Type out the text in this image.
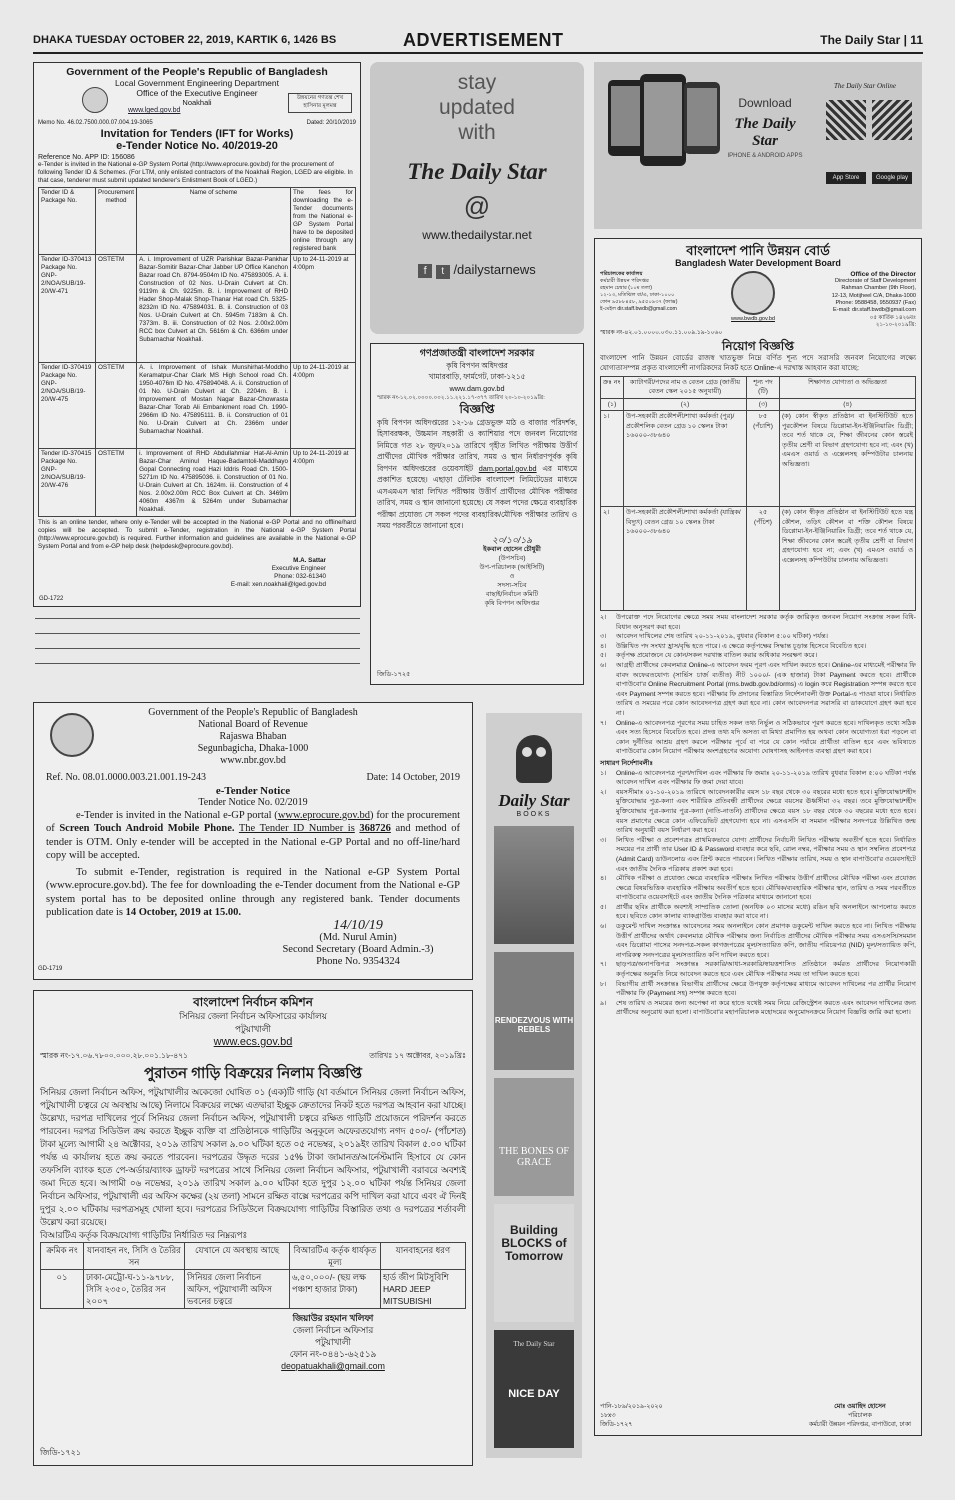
DHAKA TUESDAY OCTOBER 22, 2019, KARTIK 6, 1426 BS	ADVERTISEMENT	The Daily Star | 11
Government of the People's Republic of Bangladesh
Local Government Engineering Department
Office of the Executive Engineer
Noakhali
www.lged.gov.bd
উন্নয়নের গণতন্ত্র শেখ হাসিনার মূলমন্ত্র
Memo No. 46.02.7500.000.07.004.19-3065	Dated: 20/10/2019
Invitation for Tenders (IFT for Works)
e-Tender Notice No. 40/2019-20
Reference No. APP ID: 156086
e-Tender is invited in the National e-GP System Portal (http://www.eprocure.gov.bd) for the procurement of following Tender ID & Schemes. (For LTM, only enlisted contractors of the Noakhali Region, LGED are eligible. In that case, tenderer must submit updated tenderer's Enlistment Book of LGED.)
Tender ID & Package No.	Procurement method	Name of scheme	The fees for downloading the e-Tender documents from the National e-GP System Portal have to be deposited online through any registered bank
Tender ID-370413 Package No. GNP-2/NOA/SUB/19-20/W-471	OSTETM	A. i. Improvement of UZR Parishkar Bazar-Pankhar Bazar-Somitir Bazar-Char Jabber UP Office Kanchon Bazar road Ch. 8794-9504m ID No. 475893005. A. ii. Construction of 02 Nos. U-Drain Culvert at Ch. 9119m & Ch. 9225m. B. i. Improvement of RHD Hader Shop-Malak Shop-Thanar Hat road Ch. 5325-8232m ID No. 475894031. B. ii. Construction of 03 Nos. U-Drain Culvert at Ch. 5945m 7183m & Ch. 7373m. B. iii. Construction of 02 Nos. 2.00x2.00m RCC box Culvert at Ch. 5616m & Ch. 6366m under Subarnachar Noakhali.	Up to 24-11-2019 at 4:00pm
Tender ID-370419 Package No. GNP-2/NOA/SUB/19-20/W-475	OSTETM	A. i. Improvement of Ishak Munshirhat-Moddho Keramatpur-Char Clark MS High School road Ch. 1950-4076m ID No. 475894048. A. ii. Construction of 01 No. U-Drain Culvert at Ch. 2204m. B. i. Improvement of Mostan Nagar Bazar-Chowrasta Bazar-Char Torab Ali Embankment road Ch. 1990-2966m ID No. 475895111. B. ii. Construction of 01 No. U-Drain Culvert at Ch. 2366m under Subarnachar Noakhali.	Up to 24-11-2019 at 4:00pm
Tender ID-370415 Package No. GNP-2/NOA/SUB/19-20/W-476	OSTETM	i. Improvement of RHD Abdullahmiar Hat-Al-Amin Bazar-Char Aminul Haque-Badamtoli-Maddhayo Gopal Connecting road Hazi Iddris Road Ch. 1500-5271m ID No. 475895036. ii. Construction of 01 No. U-Drain Culvert at Ch. 1624m. iii. Construction of 4 Nos. 2.00x2.00m RCC Box Culvert at Ch. 3469m 4060m 4367m & 5264m under Subarnachar Noakhali.	Up to 24-11-2019 at 4:00pm
This is an online tender, where only e-Tender will be accepted in the National e-GP Portal and no offline/hard copies will be accepted. To submit e-Tender, registration in the National e-GP System Portal (http://www.eprocure.gov.bd) is required. Further information and guidelines are available in the National e-GP System Portal and from e-GP help desk (helpdesk@eprocure.gov.bd).
M.A. Sattar
Executive Engineer
Phone: 032-61340
E-mail: xen.noakhali@lged.gov.bd
GD-1722
stay
updated
with
The Daily Star
@
www.thedailystar.net
f t /dailystarnews
Download
The Daily Star
IPHONE & ANDROID APPS
The Daily Star Online
App Store	Google play
গণপ্রজাতন্ত্রী বাংলাদেশ সরকার
কৃষি বিপণন অধিদপ্তর
খামারবাড়ি, ফার্মগেট, ঢাকা-১২১৫
www.dam.gov.bd
স্মারক নং-১২.০২.০০০০.০০২.১১.২২১.১৭-৩৭৭ তারিখ ২০-১০-২০১৯খ্রি:
বিজ্ঞপ্তি
কৃষি বিপণন অধিদপ্তরের ১২-১৬ গ্রেডভুক্ত মাঠ ও বাজার পরিদর্শক, হিসাবরক্ষক, উচ্চমান সহকারী ও ক্যাশিয়ার পদে জনবল নিয়োগের নিমিত্তে গত ২৮ জুন/২০১৯ তারিখে গৃহীত লিখিত পরীক্ষায় উত্তীর্ণ প্রার্থীদের মৌখিক পরীক্ষার তারিখ, সময় ও স্থান নির্ধারণপূর্বক কৃষি বিপণন অধিদপ্তরের ওয়েবসাইট dam.portal.gov.bd এর মাধ্যমে প্রকাশিত হয়েছে। এছাড়া টেলিটক বাংলাদেশ লিমিটেডের মাধ্যমে এসএমএস দ্বারা লিখিত পরীক্ষায় উত্তীর্ণ প্রার্থীদের মৌখিক পরীক্ষার তারিখ, সময় ও স্থান জানানো হয়েছে। যে সকল পদের ক্ষেত্রে ব্যবহারিক পরীক্ষা প্রযোজ্য সে সকল পদের ব্যবহারিক/মৌখিক পরীক্ষার তারিখ ও সময় পরবর্তীতে জানানো হবে।
২০/১০/১৯
ইকবাল হোসেন চৌধুরী
(উপসচিব)
উপ-পরিচালক (আইসিটি)
ও
সদস্য-সচিব
বাছাই/নির্বাচন কমিটি
কৃষি বিপণন অধিদপ্তর
জিডি-১৭২৫
বাংলাদেশ পানি উন্নয়ন বোর্ড
Bangladesh Water Development Board
পরিচালকের কার্যালয়
কর্মচারী উন্নয়ন পরিদপ্তর
রহমান চেম্বার (১০ম তলা)
১২-১৩, মতিঝিল বা/এ, ঢাকা-১০০০
ফোন ৯৫৮৮৪৫৮, ৯৫৫০৯৩৭ (ফ্যাক্স)
ই-মেইল dir.staff.bwdb@gmail.com
www.bwdb.gov.bd
Office of the Director
Directorate of Staff Development
Rahman Chamber (9th Floor),
12-13, Motijheel C/A, Dhaka-1000
Phone: 9588458, 9550937 (Fax)
E-mail: dir.staff.bwdb@gmail.com
০৫ কার্তিক ১৪২৬বঃ
২১-১০-২০১৯খ্রি:
স্মারক নং-৪২.০১.০০০০.০৩০.১১.০০৯.১৯-১০৬০
নিয়োগ বিজ্ঞপ্তি
বাংলাদেশ পানি উন্নয়ন বোর্ডের রাজস্ব খাতভুক্ত নিম্নে বর্ণিত শূন্য পদে সরাসরি জনবল নিয়োগের লক্ষ্যে যোগ্যতাসম্পন্ন প্রকৃত বাংলাদেশী নাগরিকদের নিকট হতে Online-এ দরখাস্ত আহবান করা যাচ্ছে:
ক্রঃ নং	ক্যাটাগরী/পদের নাম ও বেতন গ্রেড (জাতীয় বেতন স্কেল ২০১৫ অনুযায়ী)	শূন্য পদ (টি)	শিক্ষাগত যোগ্যতা ও অভিজ্ঞতা
(১)	(২)	(৩)	(৪)
১।	উপ-সহকারী প্রকৌশলী/শাখা কর্মকর্তা (পুর)/প্রকৌশলিক বেতন গ্রেড ১০ স্কেলঃ টাকা ১৬০০০-৩৮৬৪০	৮৫ (পঁচাশি)	(ক) কোন স্বীকৃত প্রতিষ্ঠান বা ইনস্টিটিউট হতে পুরকৌশল বিষয়ে ডিপ্লোমা-ইন-ইঞ্জিনিয়ারিং ডিগ্রী; তবে শর্ত থাকে যে, শিক্ষা জীবনের কোন স্তরেই তৃতীয় শ্রেণী বা বিভাগ গ্রহণযোগ্য হবে না; এবং (খ) এমএস ওয়ার্ড ও এক্সেলসহ কম্পিউটার চালনায় অভিজ্ঞতা।
২।	উপ-সহকারী প্রকৌশলী/শাখা কর্মকর্তা (যান্ত্রিক/বিদ্যুৎ) বেতন গ্রেড ১০ স্কেলঃ টাকা ১৬০০০-৩৮৬৪০	২৫ (পঁচিশ)	(ক) কোন স্বীকৃত প্রতিষ্ঠান বা ইনস্টিটিউট হতে যন্ত্র কৌশল, তড়িৎ কৌশল বা শক্তি কৌশল বিষয়ে ডিপ্লোমা-ইন-ইঞ্জিনিয়ারিং ডিগ্রী; তবে শর্ত থাকে যে, শিক্ষা জীবনের কোন স্তরেই তৃতীয় শ্রেণী বা বিভাগ গ্রহণযোগ্য হবে না; এবং (খ) এমএস ওয়ার্ড ও এক্সেলসহ কম্পিউটার চালনায় অভিজ্ঞতা।
২।	উপরোক্ত পদে নিয়োগের ক্ষেত্রে সময় সময় বাংলাদেশ সরকার কর্তৃক জারিকৃত জনবল নিয়োগ সংক্রান্ত সকল বিধি-বিধান অনুসরণ করা হবে।
৩।	আবেদন দাখিলের শেষ তারিখ ২০-১১-২০১৯, বুধবার (বিকাল ৫:০০ ঘটিকা) পর্যন্ত।
৪।	উল্লিখিত পদ সংখ্যা হ্রাস/বৃদ্ধি হতে পারে। এ ক্ষেত্রে কর্তৃপক্ষের সিদ্ধান্ত চূড়ান্ত হিসেবে বিবেচিত হবে।
৫।	কর্তৃপক্ষ প্রয়োজনে যে কোন/সকল দরখাস্ত বাতিল করার অধিকার সংরক্ষণ করে।
৬।	আগ্রহী প্রার্থীদের কেবলমাত্র Online-এ আবেদন ফরম পূরণ এবং দাখিল করতে হবে। Online-এর মাধ্যমেই পরীক্ষার ফি বাবদ অফেরতযোগ্য (সার্ভিস চার্জ ব্যতীত) নীট ১০০০/- (এক হাজার) টাকা Payment করতে হবে। প্রার্থীকে বাপাউবো'র Online Recruitment Portal (rms.bwdb.gov.bd/orms) এ login করে Registration সম্পন্ন করতে হবে এবং Payment সম্পন্ন করতে হবে। পরীক্ষার ফি প্রদানের বিস্তারিত নির্দেশনাবলী উক্ত Portal-এ পাওয়া যাবে। নির্ধারিত তারিখ ও সময়ের পরে কোন আবেদনপত্র গ্রহণ করা হবে না। কোন আবেদনপত্র সরাসরি বা ডাকযোগে গ্রহণ করা হবে না।
৭।	Online-এ আবেদনপত্র পূরণের সময় চাহিত সকল তথ্য নির্ভুল ও সঠিকভাবে পূরণ করতে হবে। দাখিলকৃত তথ্যে সঠিক এবং সত্য হিসেবে বিবেচিত হবে। প্রদত্ত তথ্য যদি অসত্য বা মিথ্যা প্রমাণিত হয় অথবা কোন অযোগ্যতা ধরা পড়লে বা কোন দুর্নীতির আশ্রয় গ্রহণ করলে পরীক্ষার পূর্বে বা পরে যে কোন পর্যায়ে প্রার্থীতা বাতিল হবে এবং ভবিষ্যতে বাপাউবো'র কোন নিয়োগ পরীক্ষায় অংশগ্রহণের অযোগ্য ঘোষণাসহ আইনগত ব্যবস্থা গ্রহণ করা হবে।
সাধারণ নির্দেশাবলীঃ
১।	Online-এ আবেদনপত্র পূরণ/দাখিল এবং পরীক্ষার ফি জমাঃ ২০-১১-২০১৯ তারিখ বুধবার বিকাল ৫:০০ ঘটিকা পর্যন্ত আবেদন দাখিল এবং পরীক্ষার ফি জমা দেয়া যাবে।
২।	বয়সসীমাঃ ০১-১০-২০১৯ তারিখে আবেদনকারীর বয়স ১৮ বছর থেকে ৩০ বছরের মধ্যে হতে হবে। মুক্তিযোদ্ধা/শহীদ মুক্তিযোদ্ধার পুত্র-কন্যা এবং শারীরিক প্রতিবন্ধী প্রার্থীদের ক্ষেত্রে বয়সের ঊর্ধ্বসীমা ৩২ বছর। তবে মুক্তিযোদ্ধা/শহীদ মুক্তিযোদ্ধার পুত্র-কন্যার পুত্র-কন্যা (নাতি-নাতনি) প্রার্থীদের ক্ষেত্রে বয়স ১৮ বছর থেকে ৩০ বছরের মধ্যে হতে হবে। বয়স প্রমাণের ক্ষেত্রে কোন এফিডেভিট গ্রহণযোগ্য হবে না। এসএসসি বা সমমান পরীক্ষার সনদপত্রে উল্লিখিত জন্ম তারিখ অনুযায়ী বয়স নির্ধারণ করা হবে।
৩।	লিখিত পরীক্ষা ও প্রবেশপত্রঃ প্রাথমিকভাবে যোগ্য প্রার্থীদের নির্বাচনী লিখিত পরীক্ষায় অবতীর্ণ হতে হবে। নির্ধারিত সময়ের পর প্রার্থী তার User ID & Password ব্যবহার করে ছবি, রোল নম্বর, পরীক্ষার সময় ও স্থান সম্বলিত প্রবেশপত্র (Admit Card) ডাউনলোড এবং প্রিন্ট করতে পারবেন। লিখিত পরীক্ষার তারিখ, সময় ও স্থান বাপাউবো'র ওয়েবসাইটে এবং জাতীয় দৈনিক পত্রিকায় প্রকাশ করা হবে।
৪।	মৌখিক পরীক্ষা ও প্রযোজ্য ক্ষেত্রে ব্যবহারিক পরীক্ষাঃ লিখিত পরীক্ষায় উত্তীর্ণ প্রার্থীদের মৌখিক পরীক্ষা এবং প্রযোজ্য ক্ষেত্রে বিষয়ভিত্তিক ব্যবহারিক পরীক্ষায় অবতীর্ণ হতে হবে। মৌখিক/ব্যবহারিক পরীক্ষার স্থান, তারিখ ও সময় পরবর্তীতে বাপাউবো'র ওয়েবসাইটে এবং জাতীয় দৈনিক পত্রিকার মাধ্যমে জানানো হবে।
৫।	প্রার্থীর ছবিঃ প্রার্থীকে অবশ্যই সাম্প্রতিক তোলা (অনধিক ০৩ মাসের মধ্যে) রঙিন ছবি অনলাইনে আপলোড করতে হবে। ছবিতে কোন কালার ব্যাকগ্রাউন্ড ব্যবহার করা যাবে না।
৬।	ডকুমেন্ট দাখিল সংক্রান্তঃ আবেদনের সময় অনলাইনে কোন প্রমাণক ডকুমেন্ট দাখিল করতে হবে না। লিখিত পরীক্ষায় উত্তীর্ণ প্রার্থীদের অর্থাৎ কেবলমাত্র মৌখিক পরীক্ষায় জন্য নির্বাচিত প্রার্থীদের মৌখিক পরীক্ষার সময় এসএসসি/সমমান এবং ডিপ্লোমা পাসের সনদপত্র-সকল কাগজপত্রের মূল/সত্যায়িত কপি, জাতীয় পরিচয়পত্র (NID) মূল/সত্যায়িত কপি, নাগরিকত্ব সনদপত্রের মূল/সত্যায়িত কপি দাখিল করতে হবে।
৭।	ছাড়পত্র/অনাপত্তিপত্র সংক্রান্তঃ সরকারি/আধা-সরকারি/স্বায়ত্তশাসিত প্রতিষ্ঠানে কর্মরত প্রার্থীদের নিয়োগকারী কর্তৃপক্ষের অনুমতি নিয়ে আবেদন করতে হবে এবং মৌখিক পরীক্ষার সময় তা দাখিল করতে হবে।
৮।	বিভাগীয় প্রার্থী সংক্রান্তঃ বিভাগীয় প্রার্থীদের ক্ষেত্রে উপযুক্ত কর্তৃপক্ষের মাধ্যমে আবেদন দাখিলের পর প্রার্থীর নিয়োগ পরীক্ষার ফি (Payment সহ) সম্পন্ন করতে হবে।
৯।	শেষ তারিখ ও সময়ের জন্য অপেক্ষা না করে হাতে যথেষ্ট সময় নিয়ে রেজিস্ট্রেশন করতে এবং আবেদন দাখিলের জন্য প্রার্থীদের অনুরোধ করা হলো। বাপাউবো'র মহাপরিচালক মহোদয়ের অনুমোদনক্রমে নিয়োগ বিজ্ঞপ্তি জারি করা হলো।
পানি-১৮৯/২০১৯-২০২০
১৮x৩
জিডি-১৭২৭
মোঃ ওয়াহিদ হোসেন
পরিচালক
কর্মচারী উন্নয়ন পরিদপ্তর, বাপাউবো, ঢাকা
Government of the People's Republic of Bangladesh
National Board of Revenue
Rajaswa Bhaban
Segunbagicha, Dhaka-1000
www.nbr.gov.bd
Ref. No. 08.01.0000.003.21.001.19-243	Date: 14 October, 2019
e-Tender Notice
Tender Notice No. 02/2019
e-Tender is invited in the National e-GP portal (www.eprocure.gov.bd) for the procurement of Screen Touch Android Mobile Phone. The Tender ID Number is 368726 and method of tender is OTM. Only e-tender will be accepted in the National e-GP Portal and no off-line/hard copy will be accepted.
To submit e-Tender, registration is required in the National e-GP System Portal (www.eprocure.gov.bd). The fee for downloading the e-Tender document from the National e-GP system portal has to be deposited online through any registered bank. Tender documents publication date is 14 October, 2019 at 15.00.
14/10/19
(Md. Nurul Amin)
Second Secretary (Board Admin.-3)
Phone No. 9354324
GD-1719
বাংলাদেশ নির্বাচন কমিশন
সিনিয়র জেলা নির্বাচন অফিসারের কার্যালয়
পটুয়াখালী
www.ecs.gov.bd
স্মারক নং-১৭.০৬.৭৮০০.০০০.২৮.০০১.১৮-৪৭১	তারিখঃ ১৭ অক্টোবর, ২০১৯খ্রিঃ
পুরাতন গাড়ি বিক্রয়ের নিলাম বিজ্ঞপ্তি
সিনিয়র জেলা নির্বাচন অফিস, পটুয়াখালীর অকেজো ঘোষিত ০১ (এক)টি গাড়ি (যা বর্তমানে সিনিয়র জেলা নির্বাচন অফিস, পটুয়াখালী চত্বরে যে অবস্থায় আছে) নিলামে বিক্রয়ের লক্ষ্যে এতদ্বারা ইচ্ছুক ক্রেতাদের নিকট হতে দরপত্র আহবান করা যাচ্ছে। উল্লেখ্য, দরপত্র দাখিলের পূর্বে সিনিয়র জেলা নির্বাচন অফিস, পটুয়াখালী চত্বরে রক্ষিত গাড়িটি প্রয়োজনে পরিদর্শন করতে পারবেন। দরপত্র সিডিউল ক্রয় করতে ইচ্ছুক ব্যক্তি বা প্রতিষ্ঠানকে গাড়িটির অনুকূলে অফেরতযোগ্য নগদ ৫০০/- (পাঁচশত) টাকা মূল্যে আগামী ২৪ অক্টোবর, ২০১৯ তারিখ সকাল ৯.০০ ঘটিকা হতে ০৫ নভেম্বর, ২০১৯ইং তারিখ বিকাল ৫.০০ ঘটিকা পর্যন্ত এ কার্যালয় হতে ক্রয় করতে পারবেন। দরপত্রের উদ্ধৃত দরের ১৫% টাকা জামানত/আর্নেস্টমানি হিসাবে যে কোন তফসিলি ব্যাংক হতে পে-অর্ডার/ব্যাংক ড্রাফট দরপত্রের সাথে সিনিয়র জেলা নির্বাচন অফিসার, পটুয়াখালী বরাবরে অবশ্যই জমা দিতে হবে। আগামী ০৬ নভেম্বর, ২০১৯ তারিখ সকাল ৯.০০ ঘটিকা হতে দুপুর ১২.০০ ঘটিকা পর্যন্ত সিনিয়র জেলা নির্বাচন অফিসার, পটুয়াখালী এর অফিস কক্ষের (২য় তলা) সামনে রক্ষিত বাক্সে দরপত্রের কপি দাখিল করা যাবে এবং ঐ দিনই দুপুর ২.০০ ঘটিকায় দরপত্রসমূহ খোলা হবে। দরপত্রের সিডিউলে বিক্রয়যোগ্য গাড়িটির বিস্তারিত তথ্য ও দরপত্রের শর্তাবলী উল্লেখ করা রয়েছে।
বিআরটিএ কর্তৃক বিক্রয়যোগ্য গাড়িটির নির্ধারিত দর নিম্নরূপঃ
ক্রমিক নং	যানবাহন নং, সিসি ও তৈরির সন	যেখানে যে অবস্থায় আছে	বিআরটিএ কর্তৃক ধার্যকৃত মূল্য	যানবাহনের ধরণ
০১	ঢাকা-মেট্রো-ঘ-১১-৯৭৮৮, সিসি ২৩৫০, তৈরির সন ২০০৭	সিনিয়র জেলা নির্বাচন অফিস, পটুয়াখালী অফিস ভবনের চত্বরে	৬,৫০,০০০/- (ছয় লক্ষ পঞ্চাশ হাজার টাকা)	হার্ড জীপ মিটসুবিশি HARD JEEP MITSUBISHI
জিয়াউর রহমান খলিফা
জেলা নির্বাচন অফিসার
পটুয়াখালী
ফোন নং-০৪৪১-৬২৫১৯
deopatuakhali@gmail.com
জিডি-১৭২১
Daily Star
BOOKS
RENDEZVOUS WITH REBELS
THE BONES OF GRACE
Building BLOCKS of Tomorrow
The Daily Star
NICE DAY
